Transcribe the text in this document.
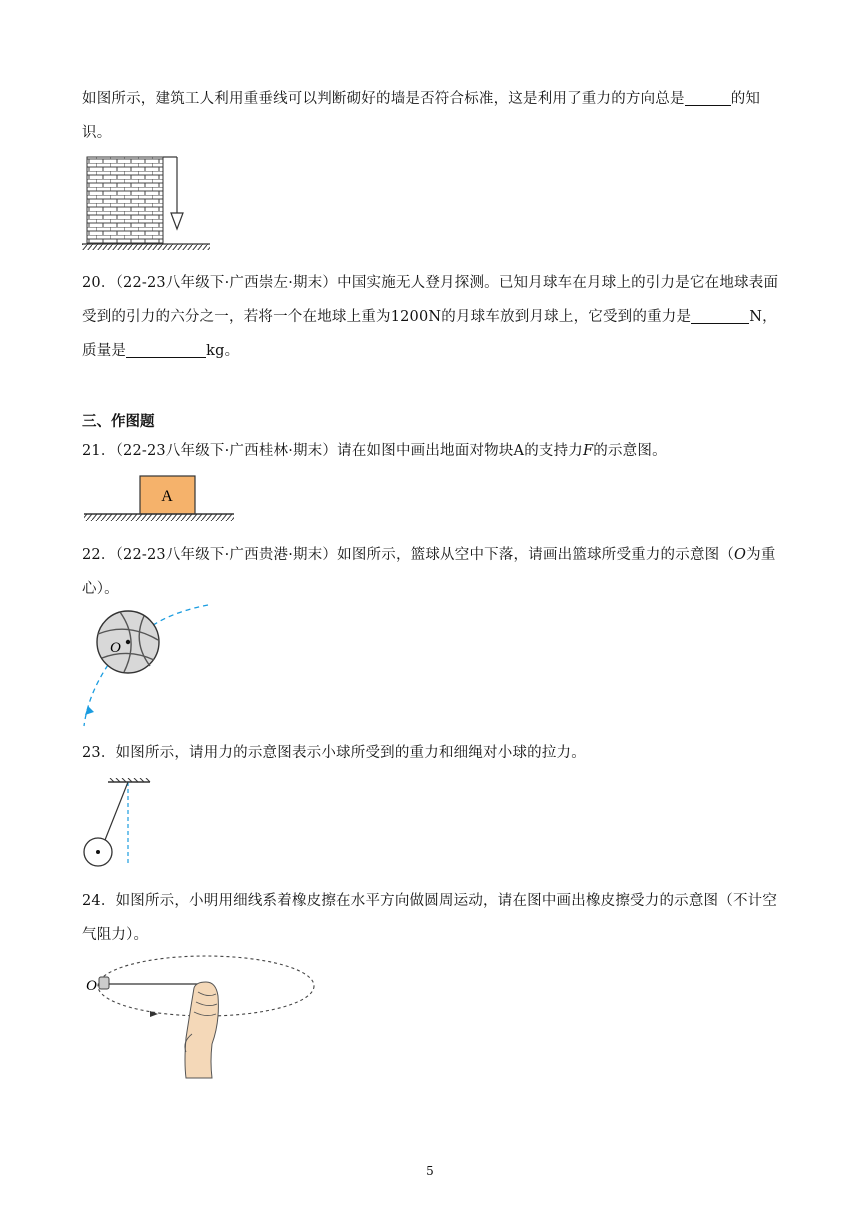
如图所示，建筑工人利用重垂线可以判断砌好的墙是否符合标准，这是利用了重力的方向总是	的知识。
20．（22-23八年级下·广西崇左·期末）中国实施无人登月探测。已知月球车在月球上的引力是它在地球表面受到的引力的六分之一，若将一个在地球上重为1200N的月球车放到月球上，它受到的重力是	N，质量是	kg。
三、作图题
21．（22-23八年级下·广西桂林·期末）请在如图中画出地面对物块A的支持力F的示意图。
A
22．（22-23八年级下·广西贵港·期末）如图所示，篮球从空中下落，请画出篮球所受重力的示意图（O为重心）。
O
23．如图所示，请用力的示意图表示小球所受到的重力和细绳对小球的拉力。
24．如图所示，小明用细线系着橡皮擦在水平方向做圆周运动，请在图中画出橡皮擦受力的示意图（不计空气阻力）。
O
5
